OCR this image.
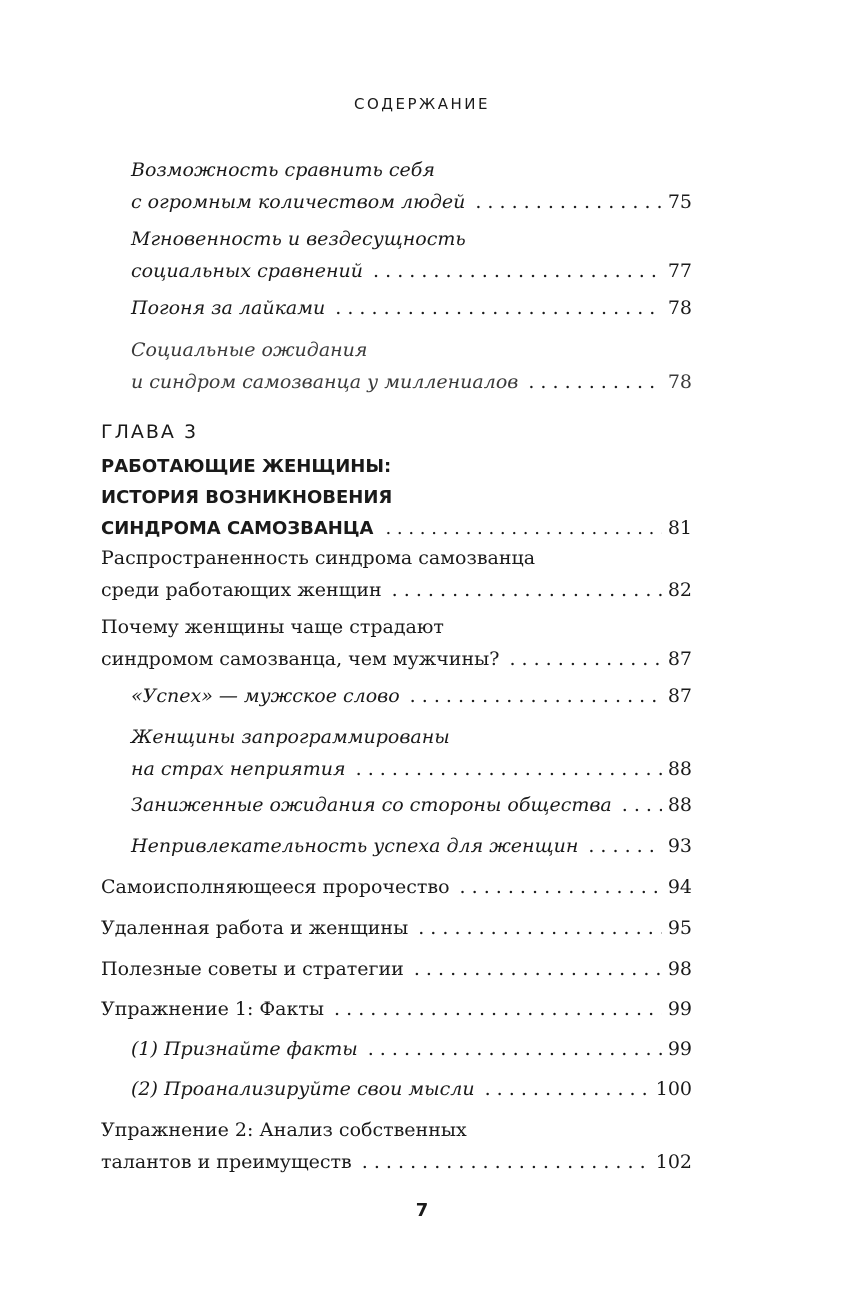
СОДЕРЖАНИЕ
Возможность сравнить себя
с огромным количеством людей . . .	75
Мгновенность и вездесущность
социальных сравнений . . .	77
Погоня за лайками . . .	78
Социальные ожидания
и синдром самозванца у миллениалов . . .	78
ГЛАВА 3
РАБОТАЮЩИЕ ЖЕНЩИНЫ:
ИСТОРИЯ ВОЗНИКНОВЕНИЯ
СИНДРОМА САМОЗВАНЦА . . .	81
Распространенность синдрома самозванца
среди работающих женщин . . .	82
Почему женщины чаще страдают
синдромом самозванца, чем мужчины? . . .	87
«Успех» — мужское слово . . .	87
Женщины запрограммированы
на страх неприятия . . .	88
Заниженные ожидания со стороны общества . . .	88
Непривлекательность успеха для женщин . . .	93
Самоисполняющееся пророчество . . .	94
Удаленная работа и женщины . . .	95
Полезные советы и стратегии . . .	98
Упражнение 1: Факты . . .	99
(1) Признайте факты . . .	99
(2) Проанализируйте свои мысли . . .	100
Упражнение 2: Анализ собственных
талантов и преимуществ . . .	102
7
